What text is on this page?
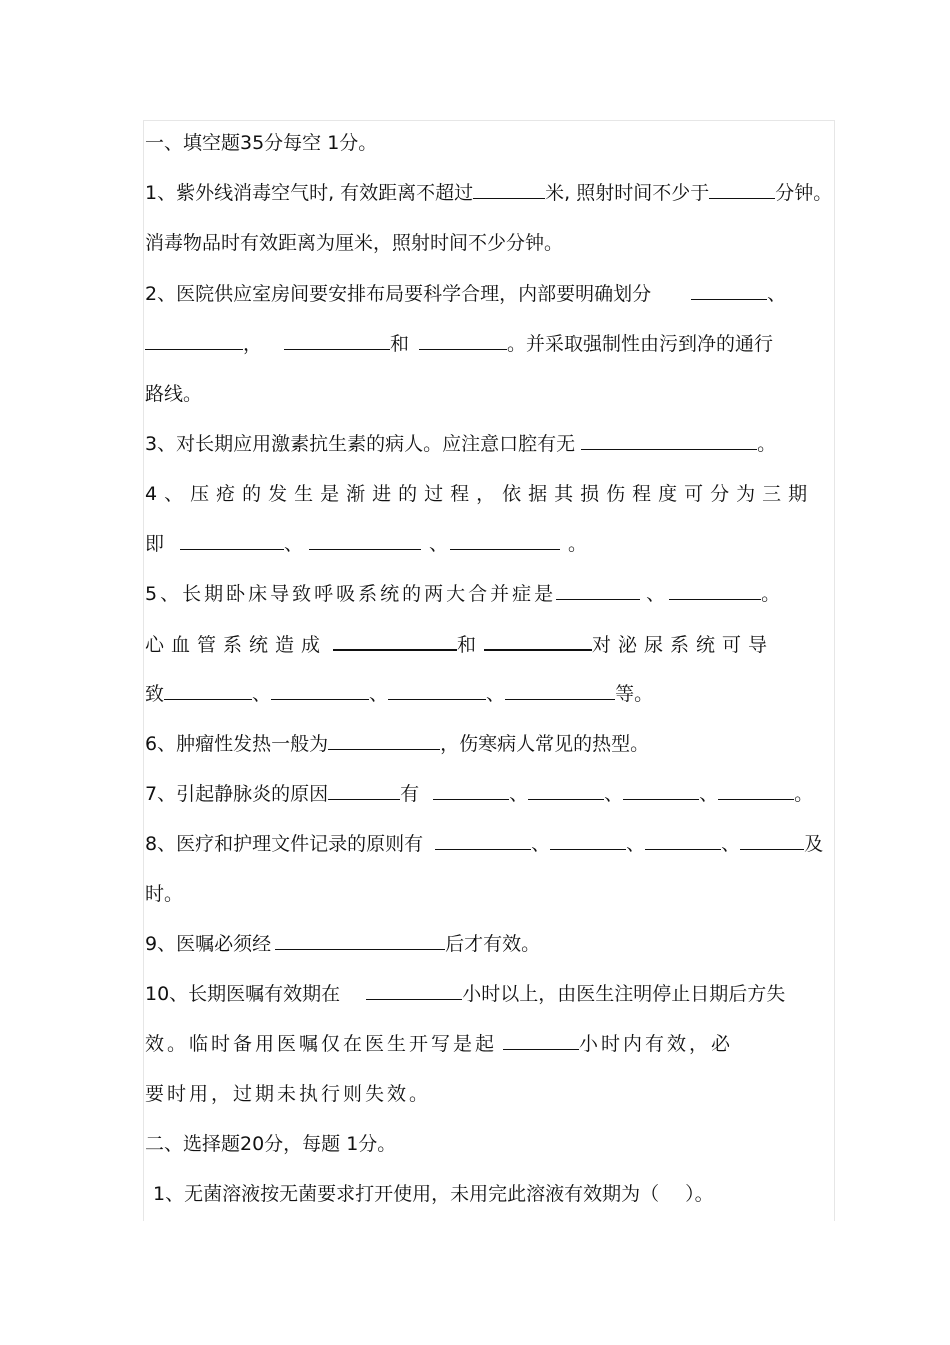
一、填空题35分每空 1分。
1、紫外线消毒空气时, 有效距离不超过	米, 照射时间不少于	分钟。
消毒物品时有效距离为厘米，照射时间不少分钟。
2、医院供应室房间要安排布局要科学合理，内部要明确划分	、
，	和	。并采取强制性由污到净的通行
路线。
3、对长期应用激素抗生素的病人。应注意口腔有无	。
4、压疮的发生是渐进的过程，依据其损伤程度可分为三期
即	、	、	。
5、长期卧床导致呼吸系统的两大合并症是	、	。
心血管系统造成	和	对泌尿系统可导
致	、	、	、	等。
6、肿瘤性发热一般为	，伤寒病人常见的热型。
7、引起静脉炎的原因	有	、	、	、	。
8、医疗和护理文件记录的原则有	、	、	、	及
时。
9、医嘱必须经	后才有效。
10、长期医嘱有效期在	小时以上，由医生注明停止日期后方失
效。临时备用医嘱仅在医生开写是起	小时内有效，必
要时用，过期未执行则失效。
二、选择题20分，每题 1分。
1、无菌溶液按无菌要求打开使用，未用完此溶液有效期为（ ）。
